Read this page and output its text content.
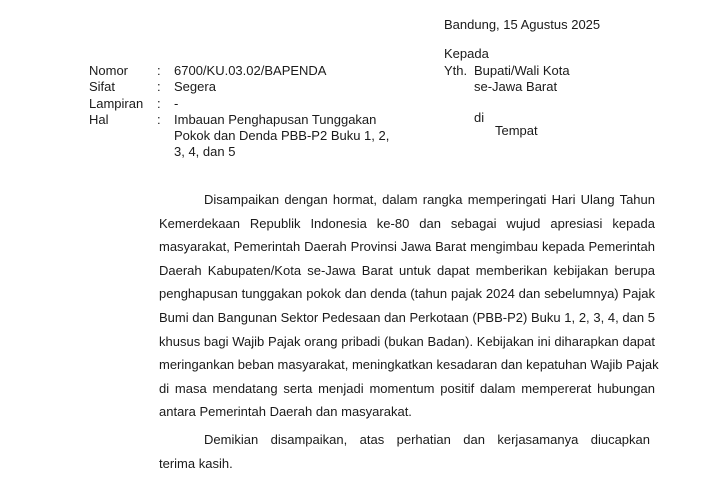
Bandung, 15 Agustus 2025
Kepada
Yth. Bupati/Wali Kota
se-Jawa Barat
di
Tempat
Nomor : 6700/KU.03.02/BAPENDA
Sifat	: Segera
Lampiran : -
Hal	: Imbauan Penghapusan Tunggakan
Pokok dan Denda PBB-P2 Buku 1, 2,
3, 4, dan 5
Disampaikan dengan hormat, dalam rangka memperingati Hari Ulang Tahun
Kemerdekaan Republik Indonesia ke-80 dan sebagai wujud apresiasi kepada
masyarakat, Pemerintah Daerah Provinsi Jawa Barat mengimbau kepada Pemerintah
Daerah Kabupaten/Kota se-Jawa Barat untuk dapat memberikan kebijakan berupa
penghapusan tunggakan pokok dan denda (tahun pajak 2024 dan sebelumnya) Pajak
Bumi dan Bangunan Sektor Pedesaan dan Perkotaan (PBB-P2) Buku 1, 2, 3, 4, dan 5
khusus bagi Wajib Pajak orang pribadi (bukan Badan). Kebijakan ini diharapkan dapat
meringankan beban masyarakat, meningkatkan kesadaran dan kepatuhan Wajib Pajak
di masa mendatang serta menjadi momentum positif dalam mempererat hubungan
antara Pemerintah Daerah dan masyarakat.
Demikian disampaikan, atas perhatian dan kerjasamanya diucapkan
terima kasih.
